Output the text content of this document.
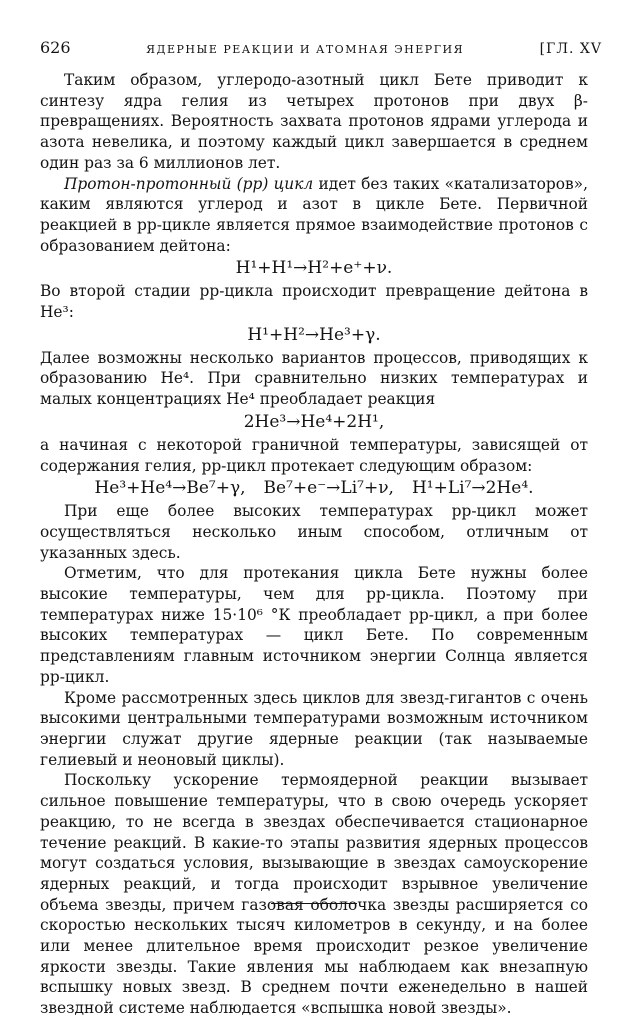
626	ЯДЕРНЫЕ РЕАКЦИИ И АТОМНАЯ ЭНЕРГИЯ	[ГЛ. XV

Таким образом, углеродо-азотный цикл Бете приводит к синтезу ядра гелия из четырех протонов при двух β-превращениях. Вероятность захвата протонов ядрами углерода и азота невелика, и поэтому каждый цикл завершается в среднем один раз за 6 миллионов лет.

Протон-протонный (pp) цикл идет без таких «катализаторов», каким являются углерод и азот в цикле Бете. Первичной реакцией в pp-цикле является прямое взаимодействие протонов с образованием дейтона:

H¹+H¹→H²+e⁺+ν.

Во второй стадии pp-цикла происходит превращение дейтона в He³:

H¹+H²→He³+γ.

Далее возможны несколько вариантов процессов, приводящих к образованию He⁴. При сравнительно низких температурах и малых концентрациях He⁴ преобладает реакция

2He³→He⁴+2H¹,

а начиная с некоторой граничной температуры, зависящей от содержания гелия, pp-цикл протекает следующим образом:

He³+He⁴→Be⁷+γ, Be⁷+e⁻→Li⁷+ν, H¹+Li⁷→2He⁴.

При еще более высоких температурах pp-цикл может осуществляться несколько иным способом, отличным от указанных здесь.

Отметим, что для протекания цикла Бете нужны более высокие температуры, чем для pp-цикла. Поэтому при температурах ниже 15·10⁶ °К преобладает pp-цикл, а при более высоких температурах — цикл Бете. По современным представлениям главным источником энергии Солнца является pp-цикл.

Кроме рассмотренных здесь циклов для звезд-гигантов с очень высокими центральными температурами возможным источником энергии служат другие ядерные реакции (так называемые гелиевый и неоновый циклы).

Поскольку ускорение термоядерной реакции вызывает сильное повышение температуры, что в свою очередь ускоряет реакцию, то не всегда в звездах обеспечивается стационарное течение реакций. В какие-то этапы развития ядерных процессов могут создаться условия, вызывающие в звездах самоускорение ядерных реакций, и тогда происходит взрывное увеличение объема звезды, причем газовая оболочка звезды расширяется со скоростью нескольких тысяч километров в секунду, и на более или менее длительное время происходит резкое увеличение яркости звезды. Такие явления мы наблюдаем как внезапную вспышку новых звезд. В среднем почти еженедельно в нашей звездной системе наблюдается «вспышка новой звезды».
